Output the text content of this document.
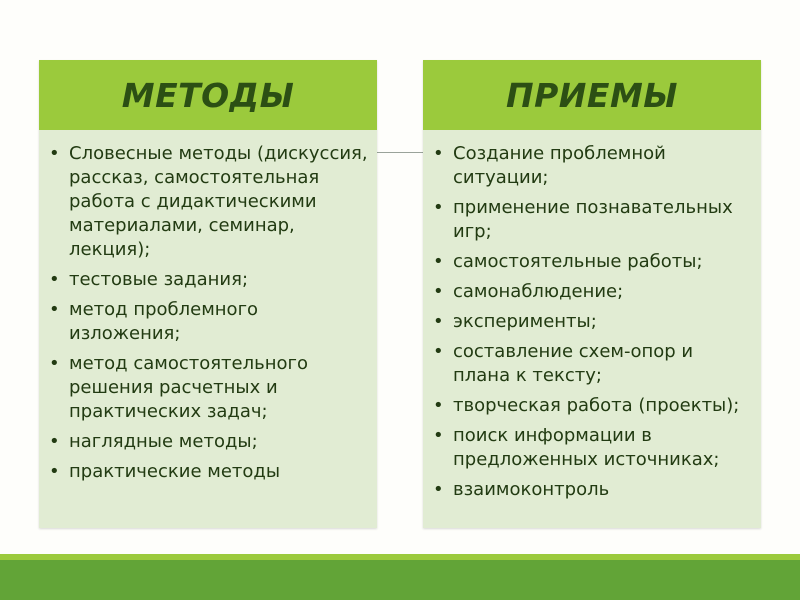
МЕТОДЫ
• Словесные методы (дискуссия, рассказ, самостоятельная работа с дидактическими материалами, семинар, лекция);
• тестовые задания;
• метод проблемного изложения;
• метод самостоятельного решения расчетных и практических задач;
• наглядные методы;
• практические методы
ПРИЕМЫ
• Создание проблемной ситуации;
• применение познавательных игр;
• самостоятельные работы;
• самонаблюдение;
• эксперименты;
• составление схем-опор и плана к тексту;
• творческая работа (проекты);
• поиск информации в предложенных источниках;
• взаимоконтроль
